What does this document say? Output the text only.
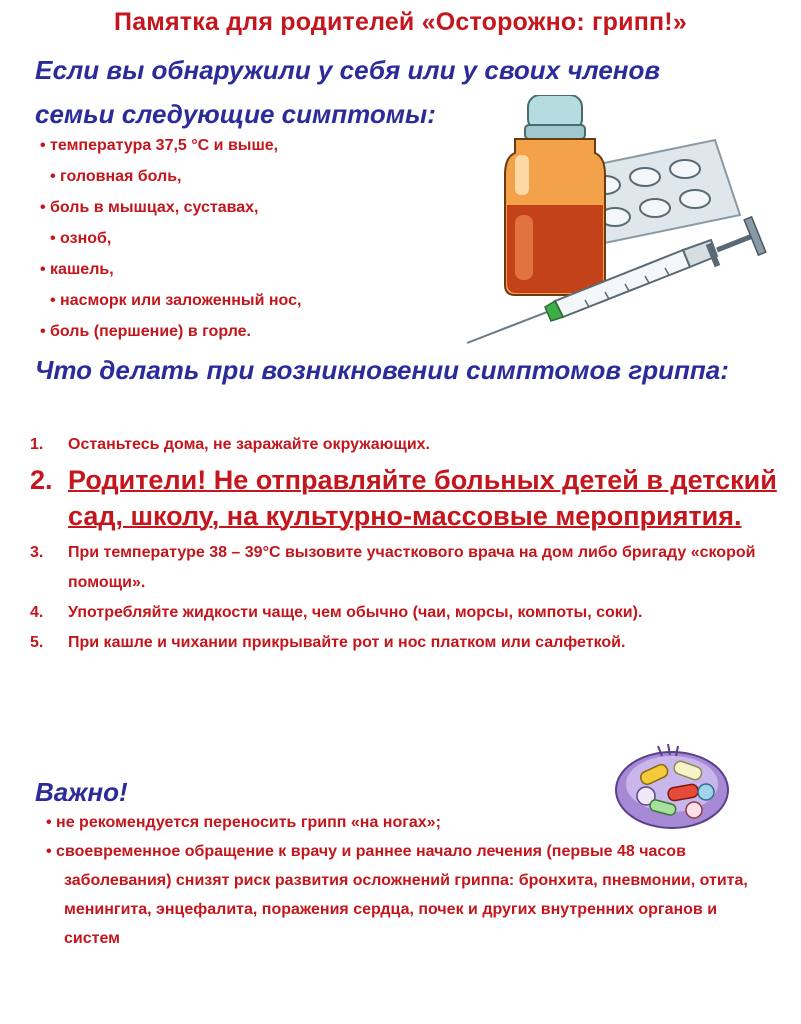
Памятка для родителей «Осторожно: грипп!»
Если вы обнаружили у себя или у своих членов семьи следующие симптомы:
• температура 37,5 °С и выше,
• головная боль,
• боль в мышцах, суставах,
• озноб,
• кашель,
• насморк или заложенный нос,
• боль (першение) в горле.
Что делать при возникновении симптомов гриппа:
1. Останьтесь дома, не заражайте окружающих.
2. Родители! Не отправляйте больных детей в детский сад, школу, на культурно-массовые мероприятия.
3. При температуре 38 – 39°С вызовите участкового врача на дом либо бригаду «скорой помощи».
4. Употребляйте жидкости чаще, чем обычно (чаи, морсы, компоты, соки).
5. При кашле и чихании прикрывайте рот и нос платком или салфеткой.
Важно!
• не рекомендуется переносить грипп «на ногах»;
• своевременное обращение к врачу и раннее начало лечения (первые 48 часов заболевания) снизят риск развития осложнений гриппа: бронхита, пневмонии, отита, менингита, энцефалита, поражения сердца, почек и других внутренних органов и систем
